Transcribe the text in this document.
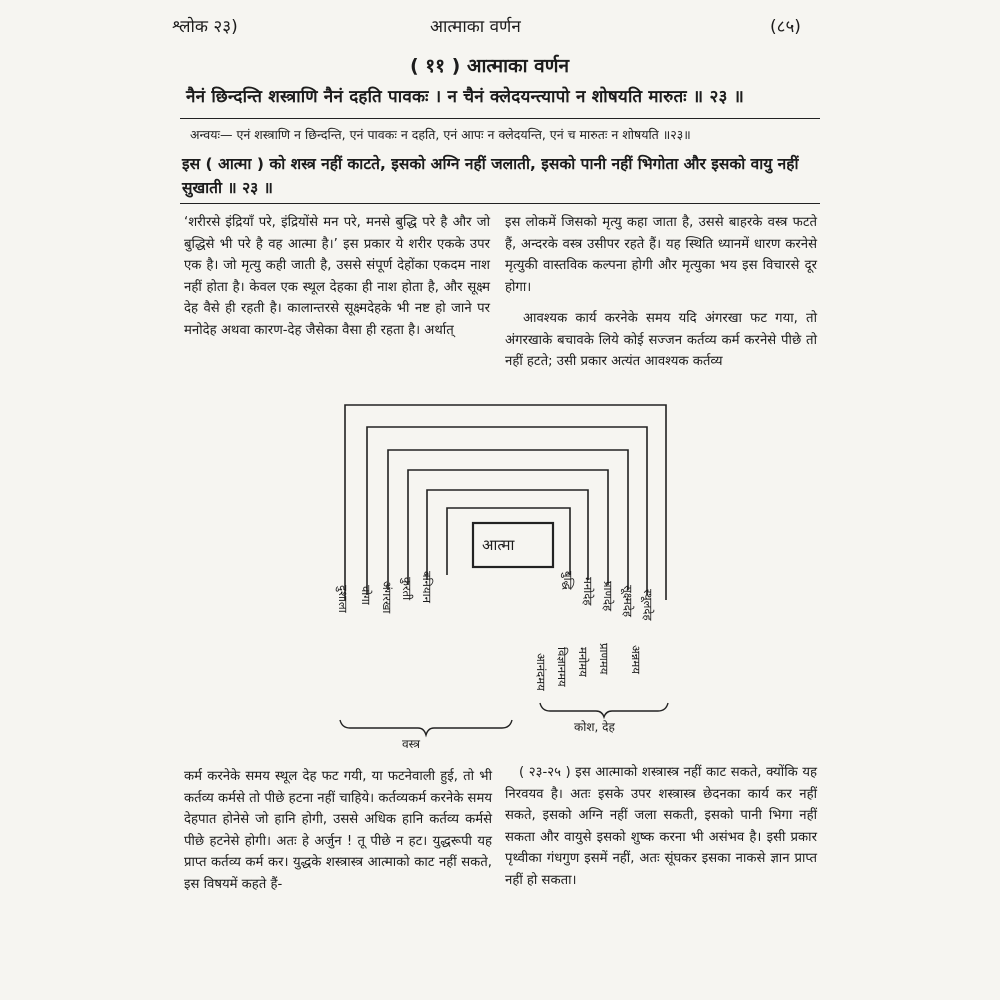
श्लोक २३)	आत्माका वर्णन	(८५)
( ११ ) आत्माका वर्णन
नैनं छिन्दन्ति शस्त्राणि नैनं दहति पावकः । न चैनं क्लेदयन्त्यापो न शोषयति मारुतः ॥ २३ ॥
अन्वयः— एनं शस्त्राणि न छिन्दन्ति, एनं पावकः न दहति, एनं आपः न क्लेदयन्ति, एनं च मारुतः न शोषयति ॥२३॥
इस ( आत्मा ) को शस्त्र नहीं काटते, इसको अग्नि नहीं जलाती, इसको पानी नहीं भिगोता और इसको वायु नहीं सुखाती ॥ २३ ॥

‘शरीरसे इंद्रियाँ परे, इंद्रियोंसे मन परे, मनसे बुद्धि परे है और जो बुद्धिसे भी परे है वह आत्मा है।’ इस प्रकार ये शरीर एकके उपर एक है। जो मृत्यु कही जाती है, उससे संपूर्ण देहोंका एकदम नाश नहीं होता है। केवल एक स्थूल देहका ही नाश होता है, और सूक्ष्म देह वैसे ही रहती है। कालान्तरसे सूक्ष्मदेहके भी नष्ट हो जाने पर मनोदेह अथवा कारण-देह जैसेका वैसा ही रहता है। अर्थात्

इस लोकमें जिसको मृत्यु कहा जाता है, उससे बाहरके वस्त्र फटते हैं, अन्दरके वस्त्र उसीपर रहते हैं। यह स्थिति ध्यानमें धारण करनेसे मृत्युकी वास्तविक कल्पना होगी और मृत्युका भय इस विचारसे दूर होगा।

आवश्यक कार्य करनेके समय यदि अंगरखा फट गया, तो अंगरखाके बचावके लिये कोई सज्जन कर्तव्य कर्म करनेसे पीछे तो नहीं हटते; उसी प्रकार अत्यंत आवश्यक कर्तव्य

आत्मा
दुशाला चोगा अंगरखा कुरती बनियान	बुद्धि मनोदेह प्राणदेह सूक्ष्मदेह स्थूलदेह
आनंदमय विज्ञानमय मनोमय प्राणमय अन्नमय
वस्त्र
कोश, देह

कर्म करनेके समय स्थूल देह फट गयी, या फटनेवाली हुई, तो भी कर्तव्य कर्मसे तो पीछे हटना नहीं चाहिये। कर्तव्यकर्म करनेके समय देहपात होनेसे जो हानि होगी, उससे अधिक हानि कर्तव्य कर्मसे पीछे हटनेसे होगी। अतः हे अर्जुन ! तू पीछे न हट। युद्धरूपी यह प्राप्त कर्तव्य कर्म कर। युद्धके शस्त्रास्त्र आत्माको काट नहीं सकते, इस विषयमें कहते हैं-

( २३-२५ ) इस आत्माको शस्त्रास्त्र नहीं काट सकते, क्योंकि यह निरवयव है। अतः इसके उपर शस्त्रास्त्र छेदनका कार्य कर नहीं सकते, इसको अग्नि नहीं जला सकती, इसको पानी भिगा नहीं सकता और वायुसे इसको शुष्क करना भी असंभव है। इसी प्रकार पृथ्वीका गंधगुण इसमें नहीं, अतः सूंघकर इसका नाकसे ज्ञान प्राप्त नहीं हो सकता।
